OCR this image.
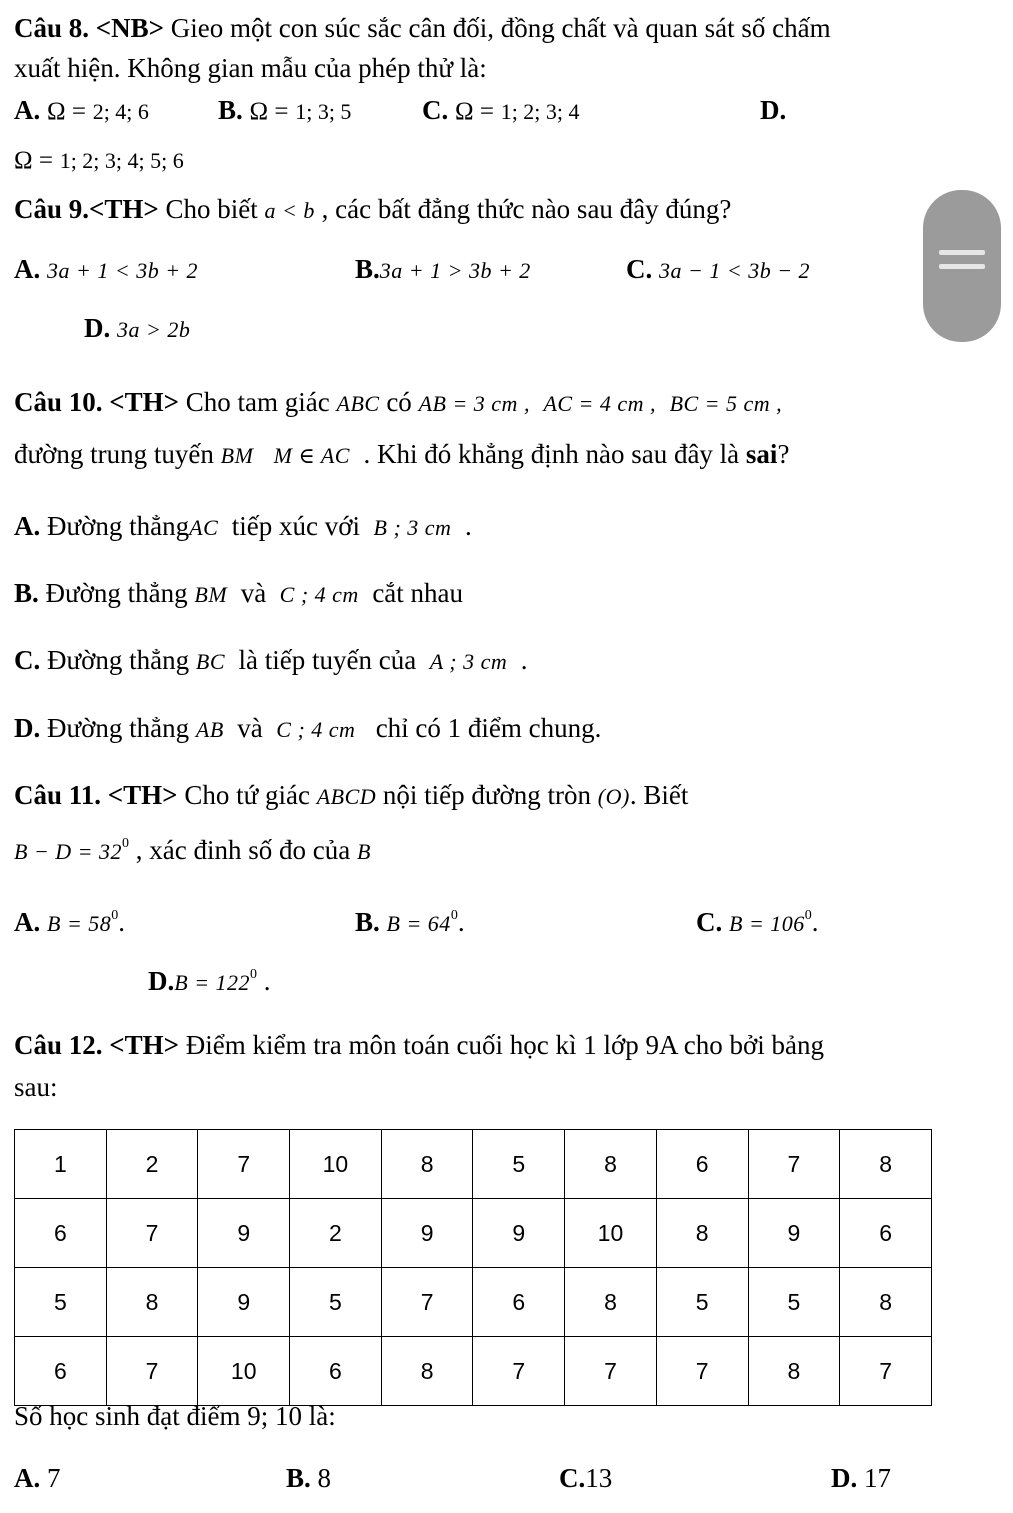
Câu 8. <NB> Gieo một con súc sắc cân đối, đồng chất và quan sát số chấm
xuất hiện. Không gian mẫu của phép thử là:
A. Ω = 2; 4; 6	B. Ω = 1; 3; 5	C. Ω = 1; 2; 3; 4	D.
Ω = 1; 2; 3; 4; 5; 6
Câu 9.<TH> Cho biết a < b , các bất đẳng thức nào sau đây đúng?
A. 3a + 1 < 3b + 2	B.3a + 1 > 3b + 2	C. 3a − 1 < 3b − 2
D. 3a > 2b
Câu 10. <TH> Cho tam giác ABC có AB = 3 cm , AC = 4 cm , BC = 5 cm ,
đường trung tuyến BM M ∈ AC . Khi đó khẳng định nào sau đây là sai?
A. Đường thẳngAC tiếp xúc với B ; 3 cm .
B. Đường thẳng BM và C ; 4 cm cắt nhau
C. Đường thẳng BC là tiếp tuyến của A ; 3 cm .
D. Đường thẳng AB và C ; 4 cm chỉ có 1 điểm chung.
Câu 11. <TH> Cho tứ giác ABCD nội tiếp đường tròn (O). Biết
$B - D = 32^0$ , xác đinh số đo của B
A. $B = 58^0$.	B. $B = 64^0$.	C. $B = 106^0$.
$D.B = 122^0$ .
Câu 12. <TH> Điểm kiểm tra môn toán cuối học kì 1 lớp 9A cho bởi bảng
sau:
1	2	7	10	8	5	8	6	7	8
6	7	9	2	9	9	10	8	9	6
5	8	9	5	7	6	8	5	5	8
6	7	10	6	8	7	7	7	8	7
Số học sinh đạt điểm 9; 10 là:
A. 7	B. 8	C.13	D. 17
